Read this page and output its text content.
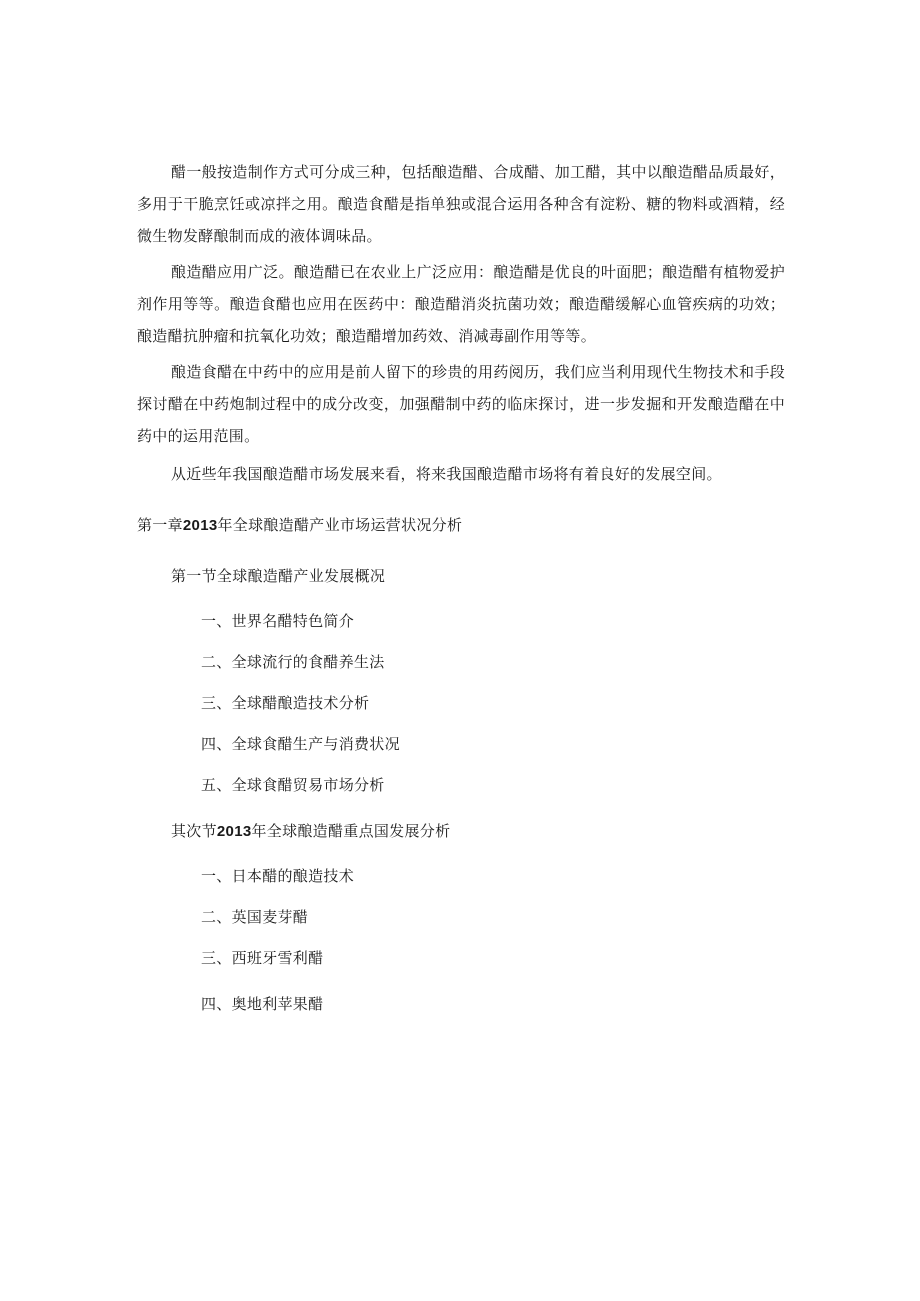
醋一般按造制作方式可分成三种，包括酿造醋、合成醋、加工醋，其中以酿造醋品质最好，多用于干脆烹饪或凉拌之用。酿造食醋是指单独或混合运用各种含有淀粉、糖的物料或酒精，经微生物发酵酿制而成的液体调味品。

酿造醋应用广泛。酿造醋已在农业上广泛应用：酿造醋是优良的叶面肥；酿造醋有植物爱护剂作用等等。酿造食醋也应用在医药中：酿造醋消炎抗菌功效；酿造醋缓解心血管疾病的功效；酿造醋抗肿瘤和抗氧化功效；酿造醋增加药效、消减毒副作用等等。

酿造食醋在中药中的应用是前人留下的珍贵的用药阅历，我们应当利用现代生物技术和手段探讨醋在中药炮制过程中的成分改变，加强醋制中药的临床探讨，进一步发掘和开发酿造醋在中药中的运用范围。

从近些年我国酿造醋市场发展来看，将来我国酿造醋市场将有着良好的发展空间。

第一章2013年全球酿造醋产业市场运营状况分析
第一节全球酿造醋产业发展概况
一、世界名醋特色简介
二、全球流行的食醋养生法
三、全球醋酿造技术分析
四、全球食醋生产与消费状况
五、全球食醋贸易市场分析
其次节2013年全球酿造醋重点国发展分析
一、日本醋的酿造技术
二、英国麦芽醋
三、西班牙雪利醋
四、奥地利苹果醋
